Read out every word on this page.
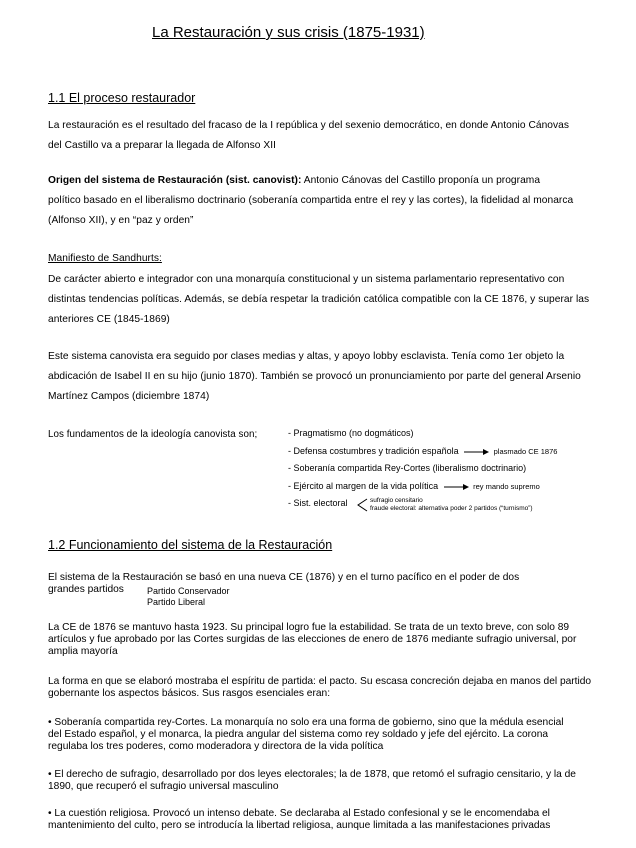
La Restauración y sus crisis (1875-1931)
1.1 El proceso restaurador
La restauración es el resultado del fracaso de la I república y del sexenio democrático, en donde Antonio Cánovas
del Castillo va a preparar la llegada de Alfonso XII
Origen del sistema de Restauración (sist. canovist): Antonio Cánovas del Castillo proponía un programa
político basado en el liberalismo doctrinario (soberanía compartida entre el rey y las cortes), la fidelidad al monarca
(Alfonso XII), y en “paz y orden”
Manifiesto de Sandhurts:
De carácter abierto e integrador con una monarquía constitucional y un sistema parlamentario representativo con
distintas tendencias políticas. Además, se debía respetar la tradición católica compatible con la CE 1876, y superar las
anteriores CE (1845-1869)
Este sistema canovista era seguido por clases medias y altas, y apoyo lobby esclavista. Tenía como 1er objeto la
abdicación de Isabel II en su hijo (junio 1870). También se provocó un pronunciamiento por parte del general Arsenio
Martínez Campos (diciembre 1874)
Los fundamentos de la ideología canovista son;	- Pragmatismo (no dogmáticos)
- Defensa costumbres y tradición española	plasmado CE 1876
- Soberanía compartida Rey-Cortes (liberalismo doctrinario)
- Ejército al margen de la vida política	rey mando supremo
- Sist. electoral	sufragio censitario
fraude electoral: alternativa poder 2 partidos (“turnismo”)
1.2 Funcionamiento del sistema de la Restauración
El sistema de la Restauración se basó en una nueva CE (1876) y en el turno pacífico en el poder de dos
grandes partidos	Partido Conservador
Partido Liberal
La CE de 1876 se mantuvo hasta 1923. Su principal logro fue la estabilidad. Se trata de un texto breve, con solo 89
artículos y fue aprobado por las Cortes surgidas de las elecciones de enero de 1876 mediante sufragio universal, por
amplia mayoría
La forma en que se elaboró mostraba el espíritu de partida: el pacto. Su escasa concreción dejaba en manos del partido
gobernante los aspectos básicos. Sus rasgos esenciales eran:
• Soberanía compartida rey-Cortes. La monarquía no solo era una forma de gobierno, sino que la médula esencial
del Estado español, y el monarca, la piedra angular del sistema como rey soldado y jefe del ejército. La corona
regulaba los tres poderes, como moderadora y directora de la vida política
• El derecho de sufragio, desarrollado por dos leyes electorales; la de 1878, que retomó el sufragio censitario, y la de
1890, que recuperó el sufragio universal masculino
• La cuestión religiosa. Provocó un intenso debate. Se declaraba al Estado confesional y se le encomendaba el
mantenimiento del culto, pero se introducía la libertad religiosa, aunque limitada a las manifestaciones privadas
